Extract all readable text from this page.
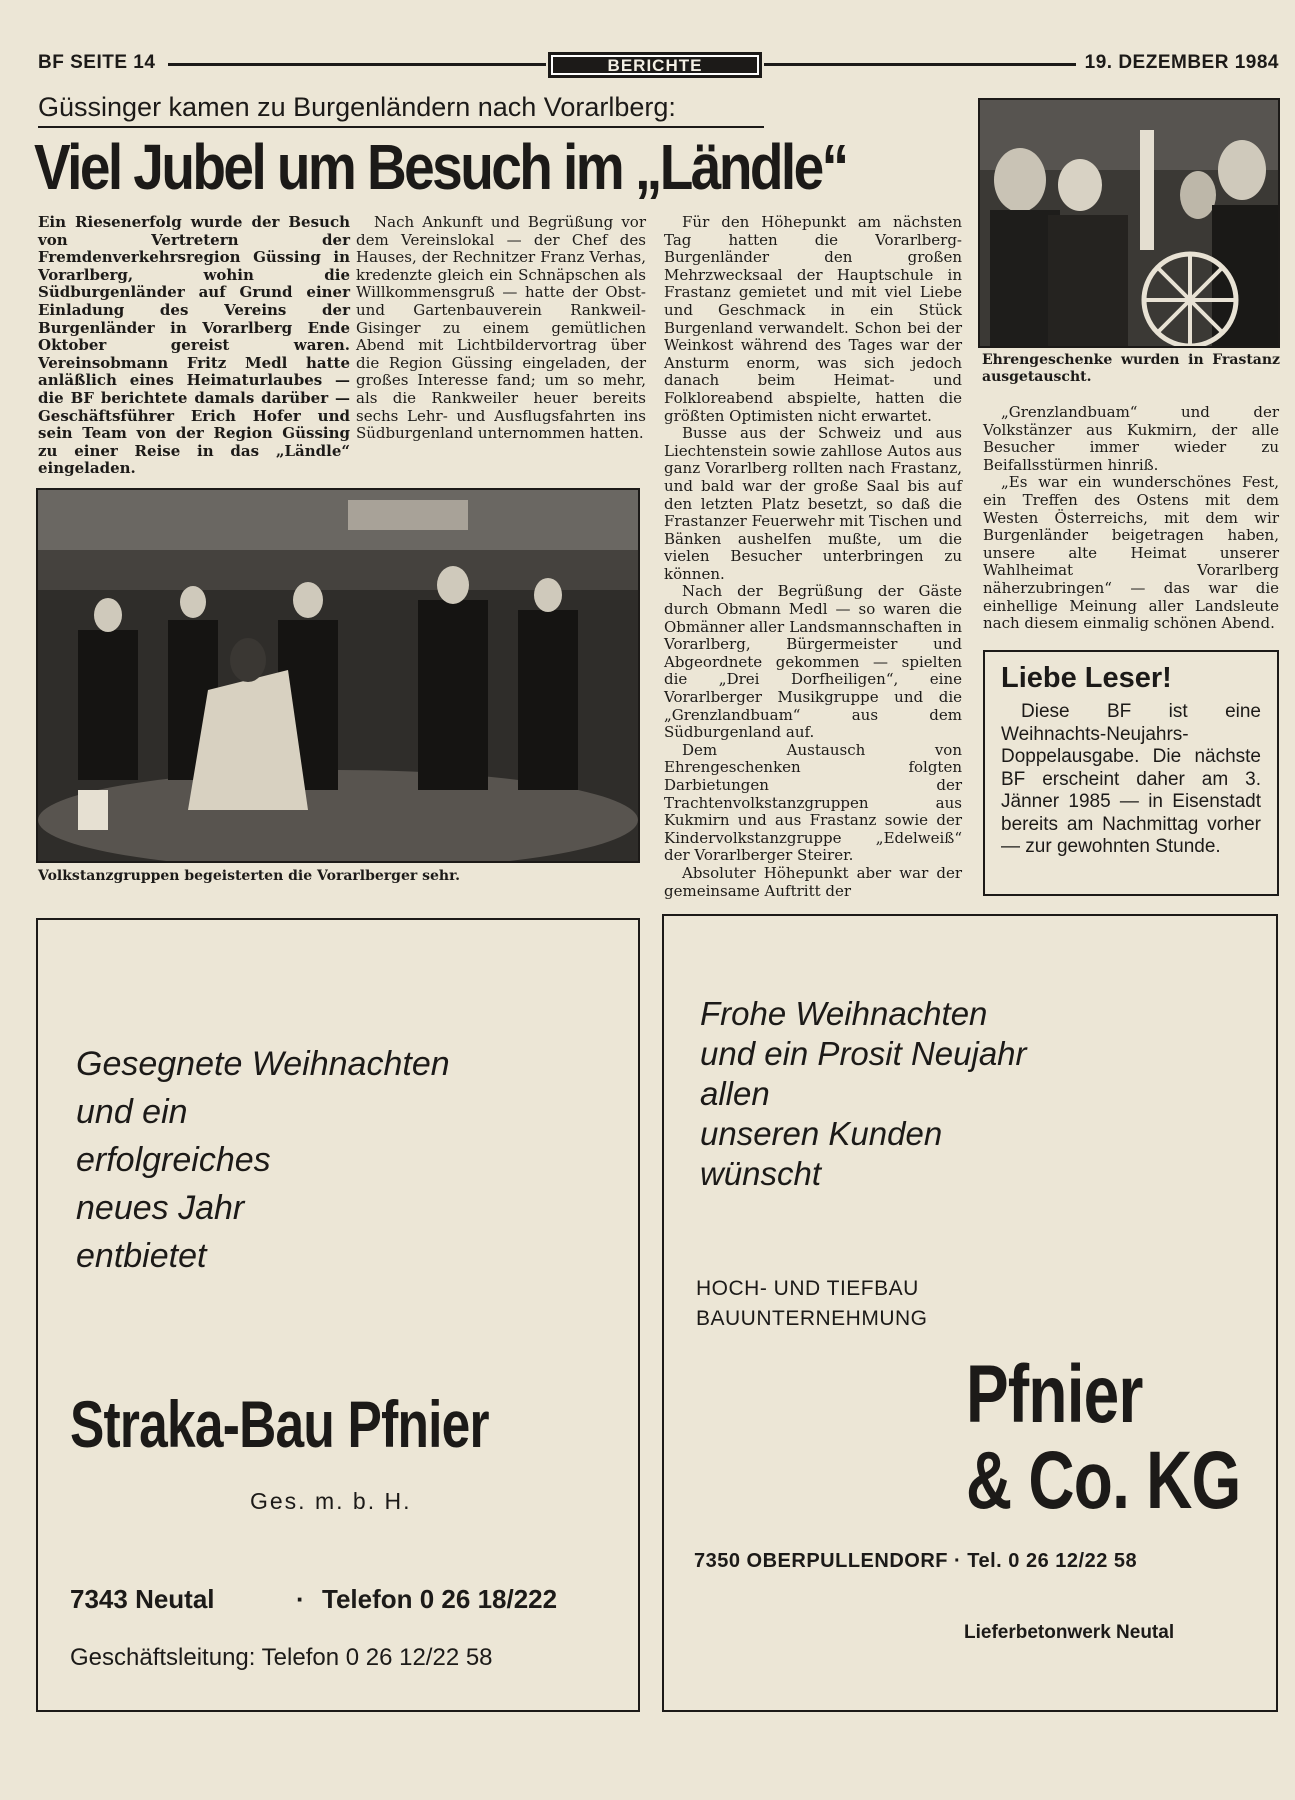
BF SEITE 14	BERICHTE	19. DEZEMBER 1984
Güssinger kamen zu Burgenländern nach Vorarlberg:
Viel Jubel um Besuch im „Ländle“

Ein Riesenerfolg wurde der Besuch von Vertretern der Fremdenverkehrsregion Güssing in Vorarlberg, wohin die Südburgenländer auf Grund einer Einladung des Vereins der Burgenländer in Vorarlberg Ende Oktober gereist waren. Vereinsobmann Fritz Medl hatte anläßlich eines Heimaturlaubes — die BF berichtete damals darüber — Geschäftsführer Erich Hofer und sein Team von der Region Güssing zu einer Reise in das „Ländle“ eingeladen.

Nach Ankunft und Begrüßung vor dem Vereinslokal — der Chef des Hauses, der Rechnitzer Franz Verhas, kredenzte gleich ein Schnäpschen als Willkommensgruß — hatte der Obst- und Gartenbauverein Rankweil-Gisinger zu einem gemütlichen Abend mit Lichtbildervortrag über die Region Güssing eingeladen, der großes Interesse fand; um so mehr, als die Rankweiler heuer bereits sechs Lehr- und Ausflugsfahrten ins Südburgenland unternommen hatten.

Für den Höhepunkt am nächsten Tag hatten die Vorarlberg-Burgenländer den großen Mehrzwecksaal der Hauptschule in Frastanz gemietet und mit viel Liebe und Geschmack in ein Stück Burgenland verwandelt. Schon bei der Weinkost während des Tages war der Ansturm enorm, was sich jedoch danach beim Heimat- und Folkloreabend abspielte, hatten die größten Optimisten nicht erwartet.

Busse aus der Schweiz und aus Liechtenstein sowie zahllose Autos aus ganz Vorarlberg rollten nach Frastanz, und bald war der große Saal bis auf den letzten Platz besetzt, so daß die Frastanzer Feuerwehr mit Tischen und Bänken aushelfen mußte, um die vielen Besucher unterbringen zu können.

Nach der Begrüßung der Gäste durch Obmann Medl — so waren die Obmänner aller Landsmannschaften in Vorarlberg, Bürgermeister und Abgeordnete gekommen — spielten die „Drei Dorfheiligen“, eine Vorarlberger Musikgruppe und die „Grenzlandbuam“ aus dem Südburgenland auf.

Dem Austausch von Ehrengeschenken folgten Darbietungen der Trachtenvolkstanzgruppen aus Kukmirn und aus Frastanz sowie der Kindervolkstanzgruppe „Edelweiß“ der Vorarlberger Steirer.

Absoluter Höhepunkt aber war der gemeinsame Auftritt der

Ehrengeschenke wurden in Frastanz ausgetauscht.

„Grenzlandbuam“ und der Volkstänzer aus Kukmirn, der alle Besucher immer wieder zu Beifallsstürmen hinriß.

„Es war ein wunderschönes Fest, ein Treffen des Ostens mit dem Westen Österreichs, mit dem wir Burgenländer beigetragen haben, unsere alte Heimat unserer Wahlheimat Vorarlberg näherzubringen“ — das war die einhellige Meinung aller Landsleute nach diesem einmalig schönen Abend.

Volkstanzgruppen begeisterten die Vorarlberger sehr.
Liebe Leser!
Diese BF ist eine Weihnachts-Neujahrs-Doppelausgabe. Die nächste BF erscheint daher am 3. Jänner 1985 — in Eisenstadt bereits am Nachmittag vorher — zur gewohnten Stunde.
Gesegnete Weihnachten
und ein
erfolgreiches
neues Jahr
entbietet
Straka-Bau Pfnier
Ges. m. b. H.
7343 Neutal	· Telefon 0 26 18/222
Geschäftsleitung: Telefon 0 26 12/22 58
Frohe Weihnachten
und ein Prosit Neujahr
allen
unseren Kunden
wünscht
HOCH- UND TIEFBAU
BAUUNTERNEHMUNG
Pfnier
& Co. KG
7350 OBERPULLENDORF · Tel. 0 26 12/22 58
Lieferbetonwerk Neutal
